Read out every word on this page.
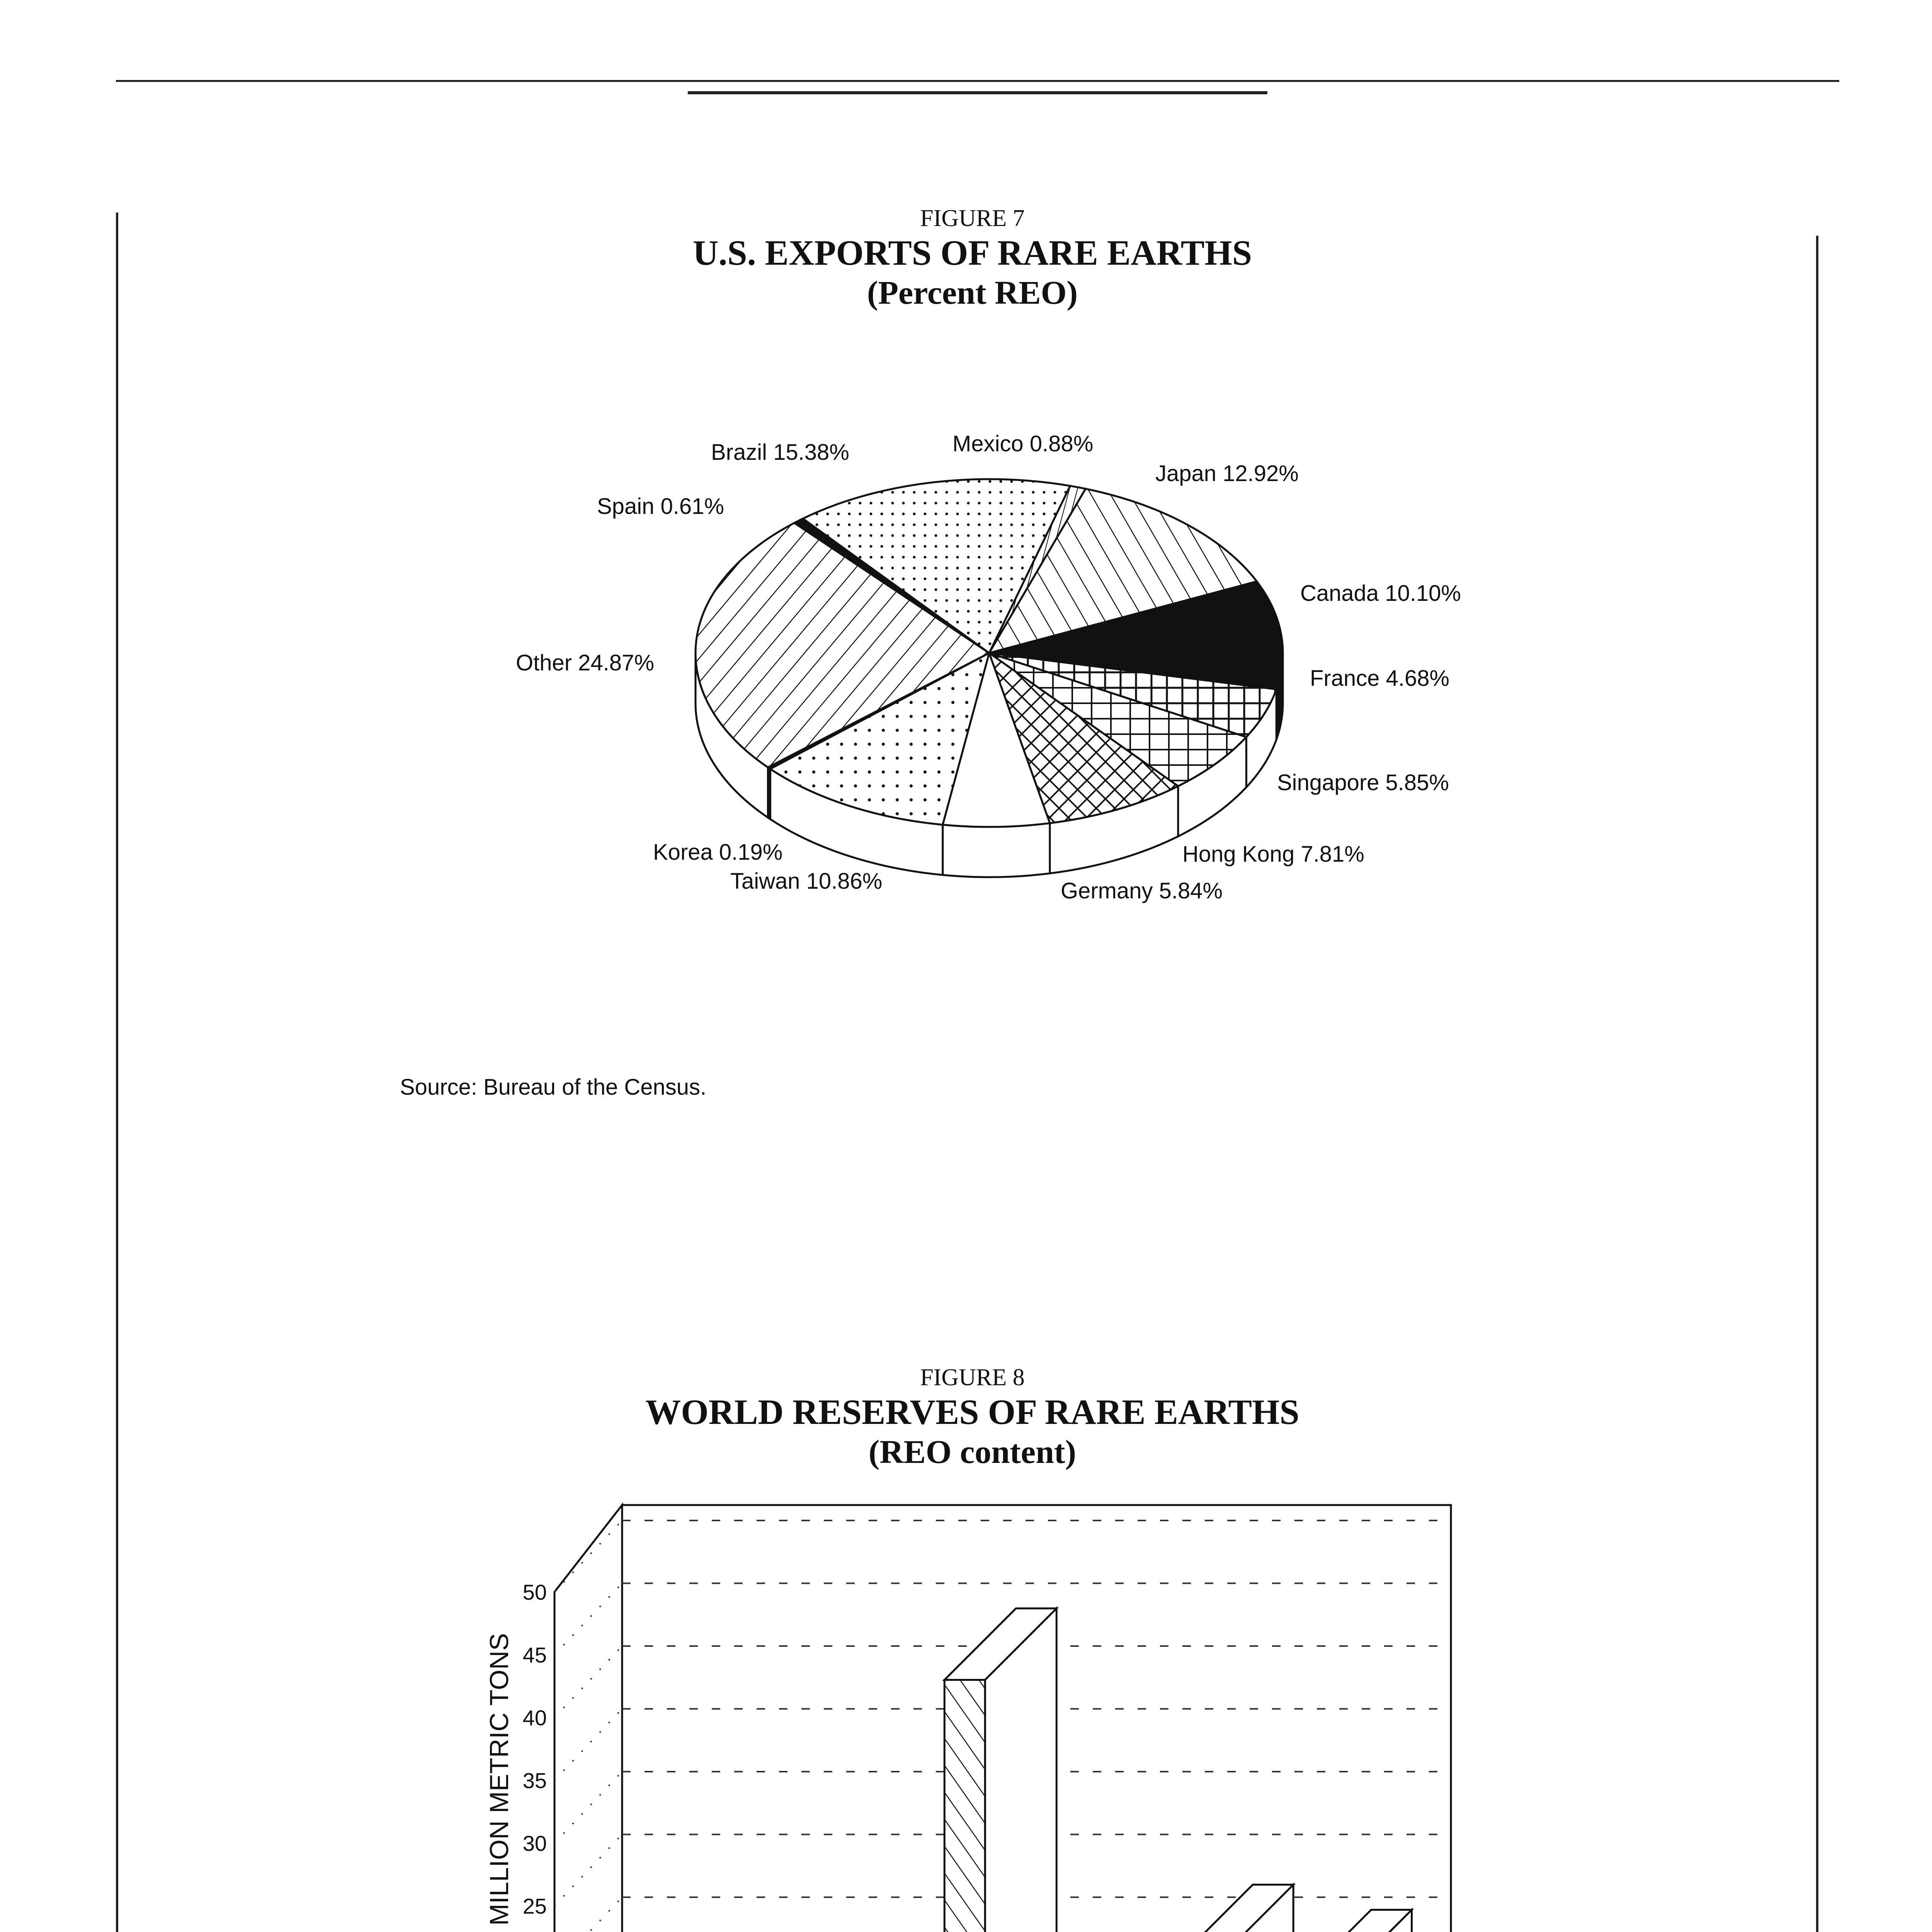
FIGURE 7
U.S. EXPORTS OF RARE EARTHS
(Percent REO)
Mexico 0.88%
Japan 12.92%
Canada 10.10%
France 4.68%
Singapore 5.85%
Hong Kong 7.81%
Germany 5.84%
Taiwan 10.86%
Korea 0.19%
Other 24.87%
Spain 0.61%
Brazil 15.38%
Source: Bureau of the Census.
FIGURE 8
WORLD RESERVES OF RARE EARTHS
(REO content)
25
30
35
40
45
50
MILLION METRIC TONS
